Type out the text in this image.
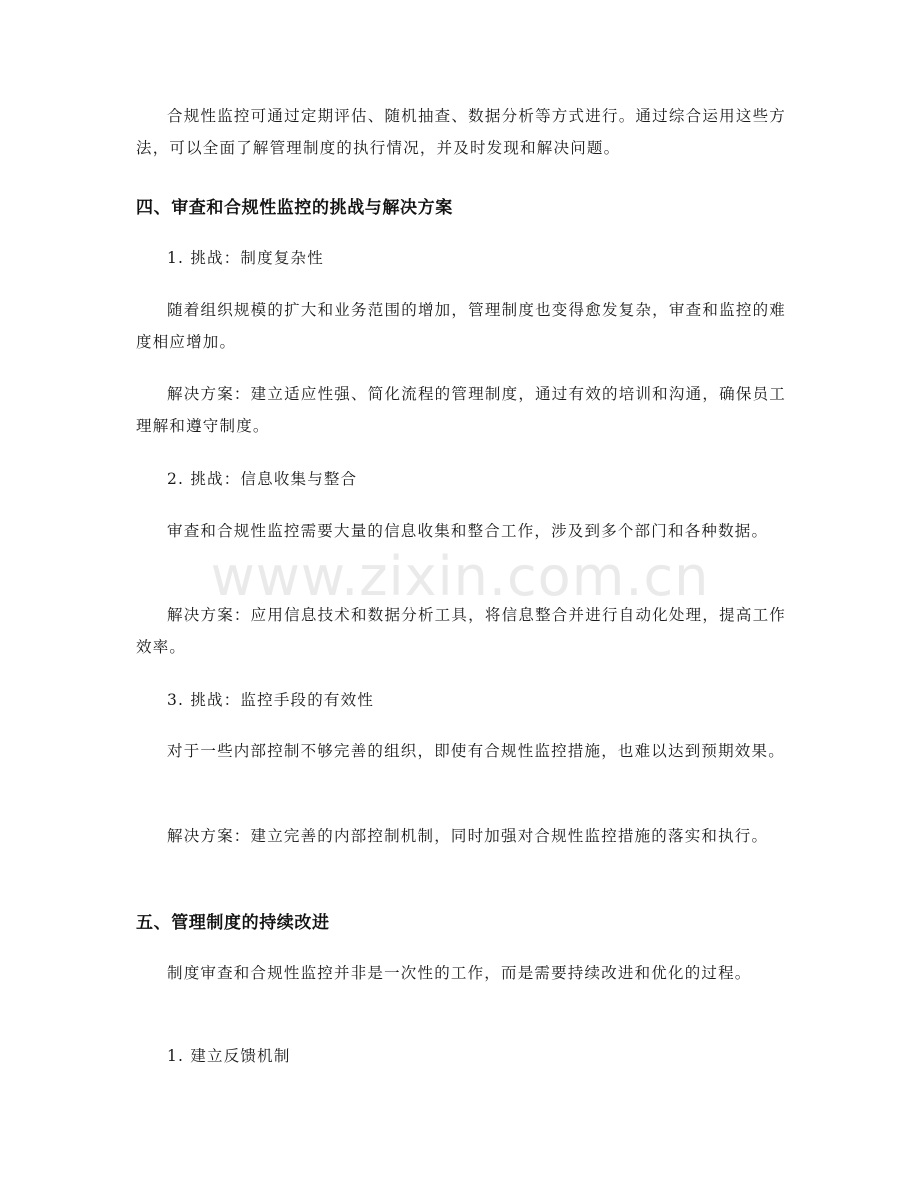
合规性监控可通过定期评估、随机抽查、数据分析等方式进行。通过综合运用这些方法，可以全面了解管理制度的执行情况，并及时发现和解决问题。

四、审查和合规性监控的挑战与解决方案

1. 挑战：制度复杂性

随着组织规模的扩大和业务范围的增加，管理制度也变得愈发复杂，审查和监控的难度相应增加。

解决方案：建立适应性强、简化流程的管理制度，通过有效的培训和沟通，确保员工理解和遵守制度。

2. 挑战：信息收集与整合

审查和合规性监控需要大量的信息收集和整合工作，涉及到多个部门和各种数据。

解决方案：应用信息技术和数据分析工具，将信息整合并进行自动化处理，提高工作效率。

3. 挑战：监控手段的有效性

对于一些内部控制不够完善的组织，即使有合规性监控措施，也难以达到预期效果。

解决方案：建立完善的内部控制机制，同时加强对合规性监控措施的落实和执行。

五、管理制度的持续改进

制度审查和合规性监控并非是一次性的工作，而是需要持续改进和优化的过程。

1. 建立反馈机制

www.zixin.com.cn
